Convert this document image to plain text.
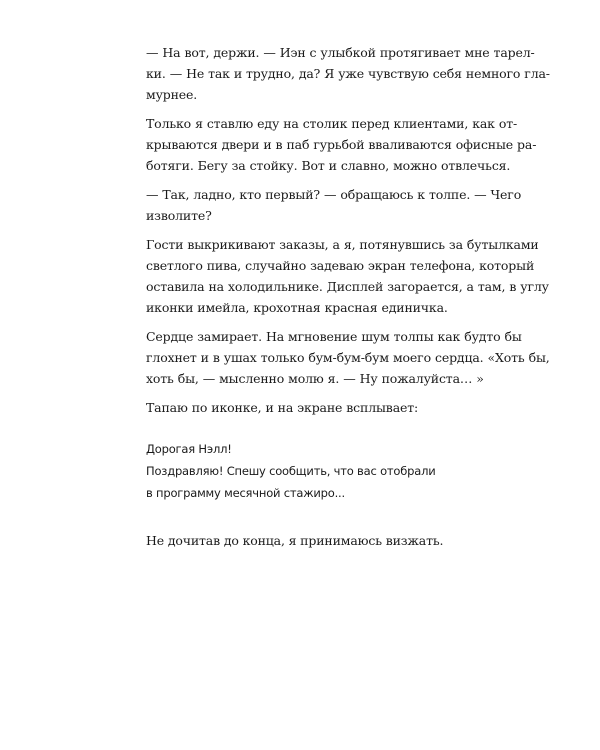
— На вот, держи. — Иэн с улыбкой протягивает мне тарел-
ки. — Не так и трудно, да? Я уже чувствую себя немного гла-
мурнее.

Только я ставлю еду на столик перед клиентами, как от-
крываются двери и в паб гурьбой вваливаются офисные ра-
ботяги. Бегу за стойку. Вот и славно, можно отвлечься.

— Так, ладно, кто первый? — обращаюсь к толпе. — Чего
изволите?

Гости выкрикивают заказы, а я, потянувшись за бутылками
светлого пива, случайно задеваю экран телефона, который
оставила на холодильнике. Дисплей загорается, а там, в углу
иконки имейла, крохотная красная единичка.

Сердце замирает. На мгновение шум толпы как будто бы
глохнет и в ушах только бум-бум-бум моего сердца. «Хоть бы,
хоть бы, — мысленно молю я. — Ну пожалуйста… »

Тапаю по иконке, и на экране всплывает:

Дорогая Нэлл!
Поздравляю! Спешу сообщить, что вас отобрали
в программу месячной стажиро...
Не дочитав до конца, я принимаюсь визжать.
